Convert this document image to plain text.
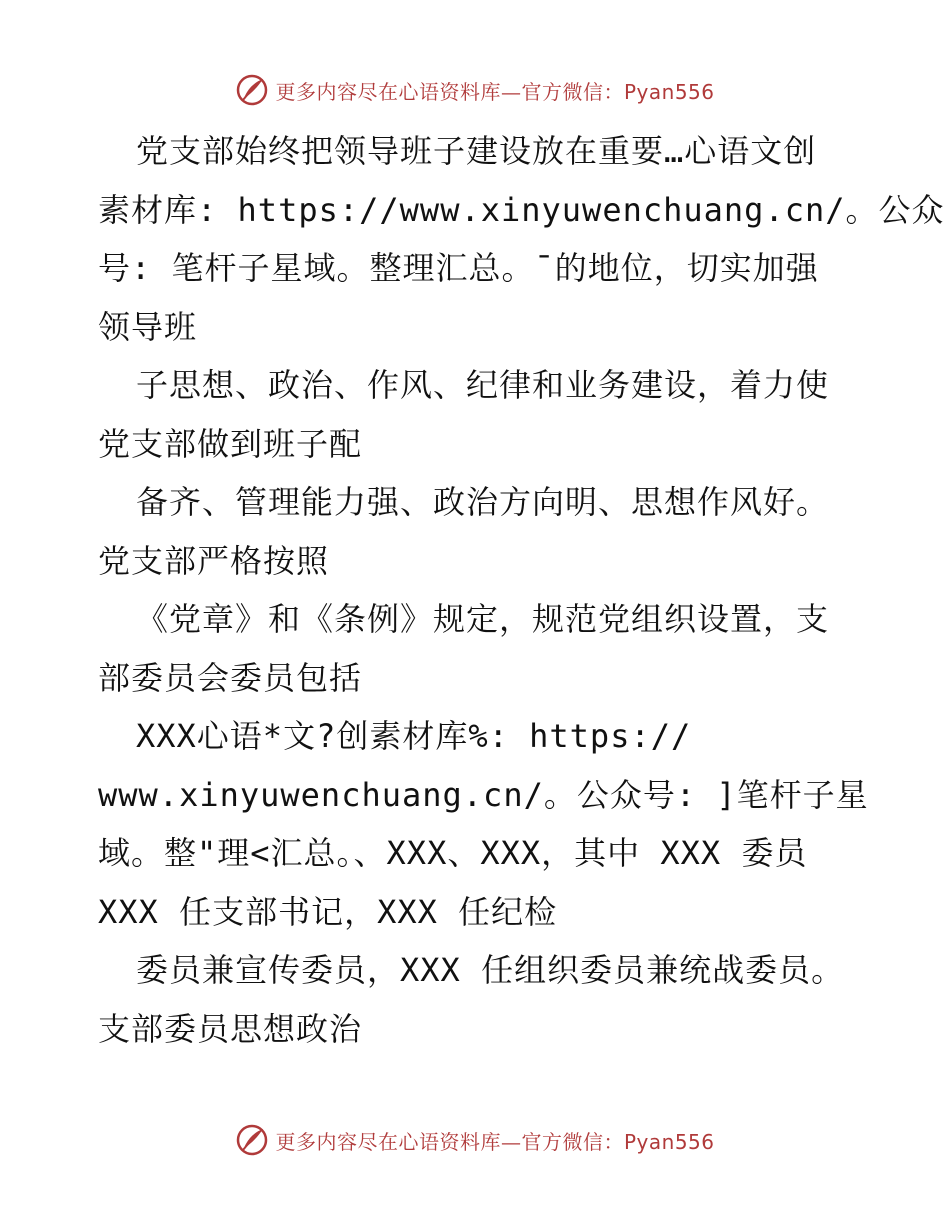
更多内容尽在心语资料库—官方微信：Pyan556
党支部始终把领导班子建设放在重要…心语文创
素材库: https://www.xinyuwenchuang.cn/。公众
号: 笔杆子星域。整理汇总。¯的地位，切实加强
领导班
子思想、政治、作风、纪律和业务建设，着力使
党支部做到班子配
备齐、管理能力强、政治方向明、思想作风好。
党支部严格按照
《党章》和《条例》规定，规范党组织设置，支
部委员会委员包括
XXX心语*文?创素材库%: https://
www.xinyuwenchuang.cn/。公众号: ]笔杆子星
域。整"理<汇总。、XXX、XXX，其中 XXX 委员
XXX 任支部书记，XXX 任纪检
委员兼宣传委员，XXX 任组织委员兼统战委员。
支部委员思想政治
更多内容尽在心语资料库—官方微信：Pyan556
